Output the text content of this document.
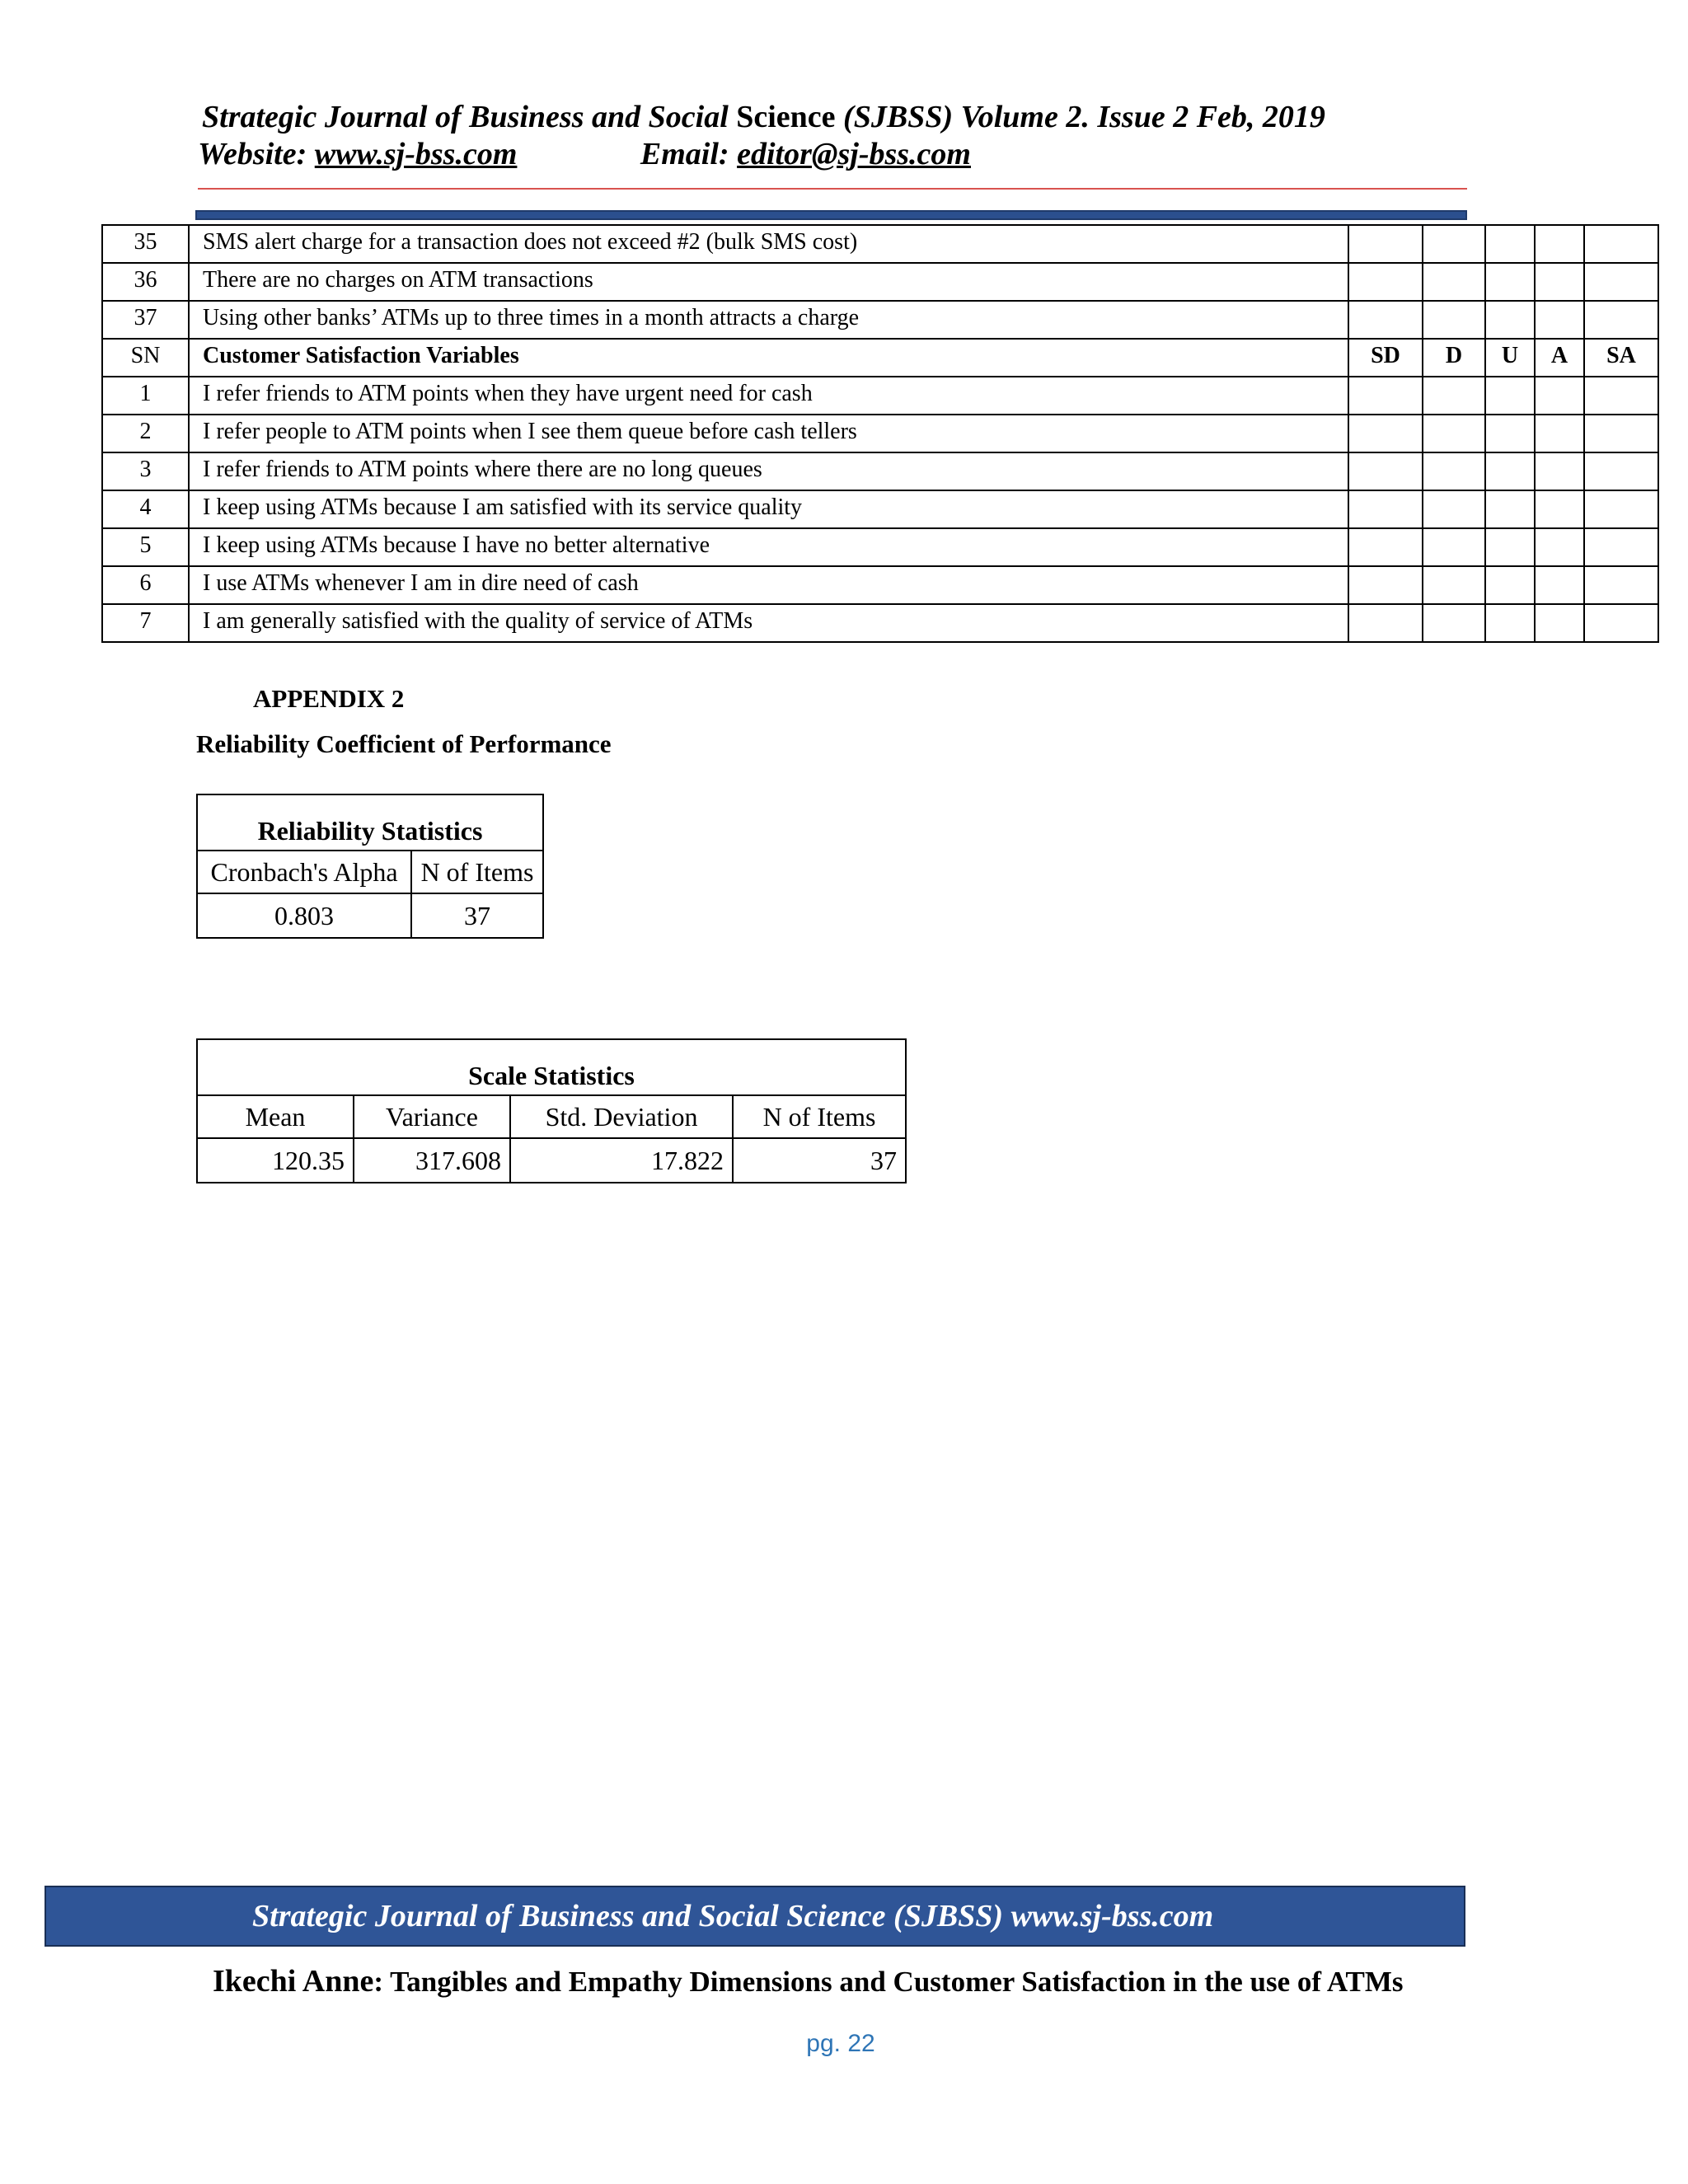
Strategic Journal of Business and Social Science (SJBSS) Volume 2. Issue 2 Feb, 2019
Website: www.sj-bss.com	Email: editor@sj-bss.com
35	SMS alert charge for a transaction does not exceed #2 (bulk SMS cost)					
36	There are no charges on ATM transactions					
37	Using other banks’ ATMs up to three times in a month attracts a charge					
SN	Customer Satisfaction Variables	SD	D	U	A	SA
1	I refer friends to ATM points when they have urgent need for cash					
2	I refer people to ATM points when I see them queue before cash tellers					
3	I refer friends to ATM points where there are no long queues					
4	I keep using ATMs because I am satisfied with its service quality					
5	I keep using ATMs because I have no better alternative					
6	I use ATMs whenever I am in dire need of cash					
7	I am generally satisfied with the quality of service of ATMs					
APPENDIX 2
Reliability Coefficient of Performance
Reliability Statistics	
Cronbach's Alpha	N of Items
0.803	37
Scale Statistics			
Mean	Variance	Std. Deviation	N of Items
120.35	317.608	17.822	37
Strategic Journal of Business and Social Science (SJBSS) www.sj-bss.com
Ikechi Anne: Tangibles and Empathy Dimensions and Customer Satisfaction in the use of ATMs
pg. 22
